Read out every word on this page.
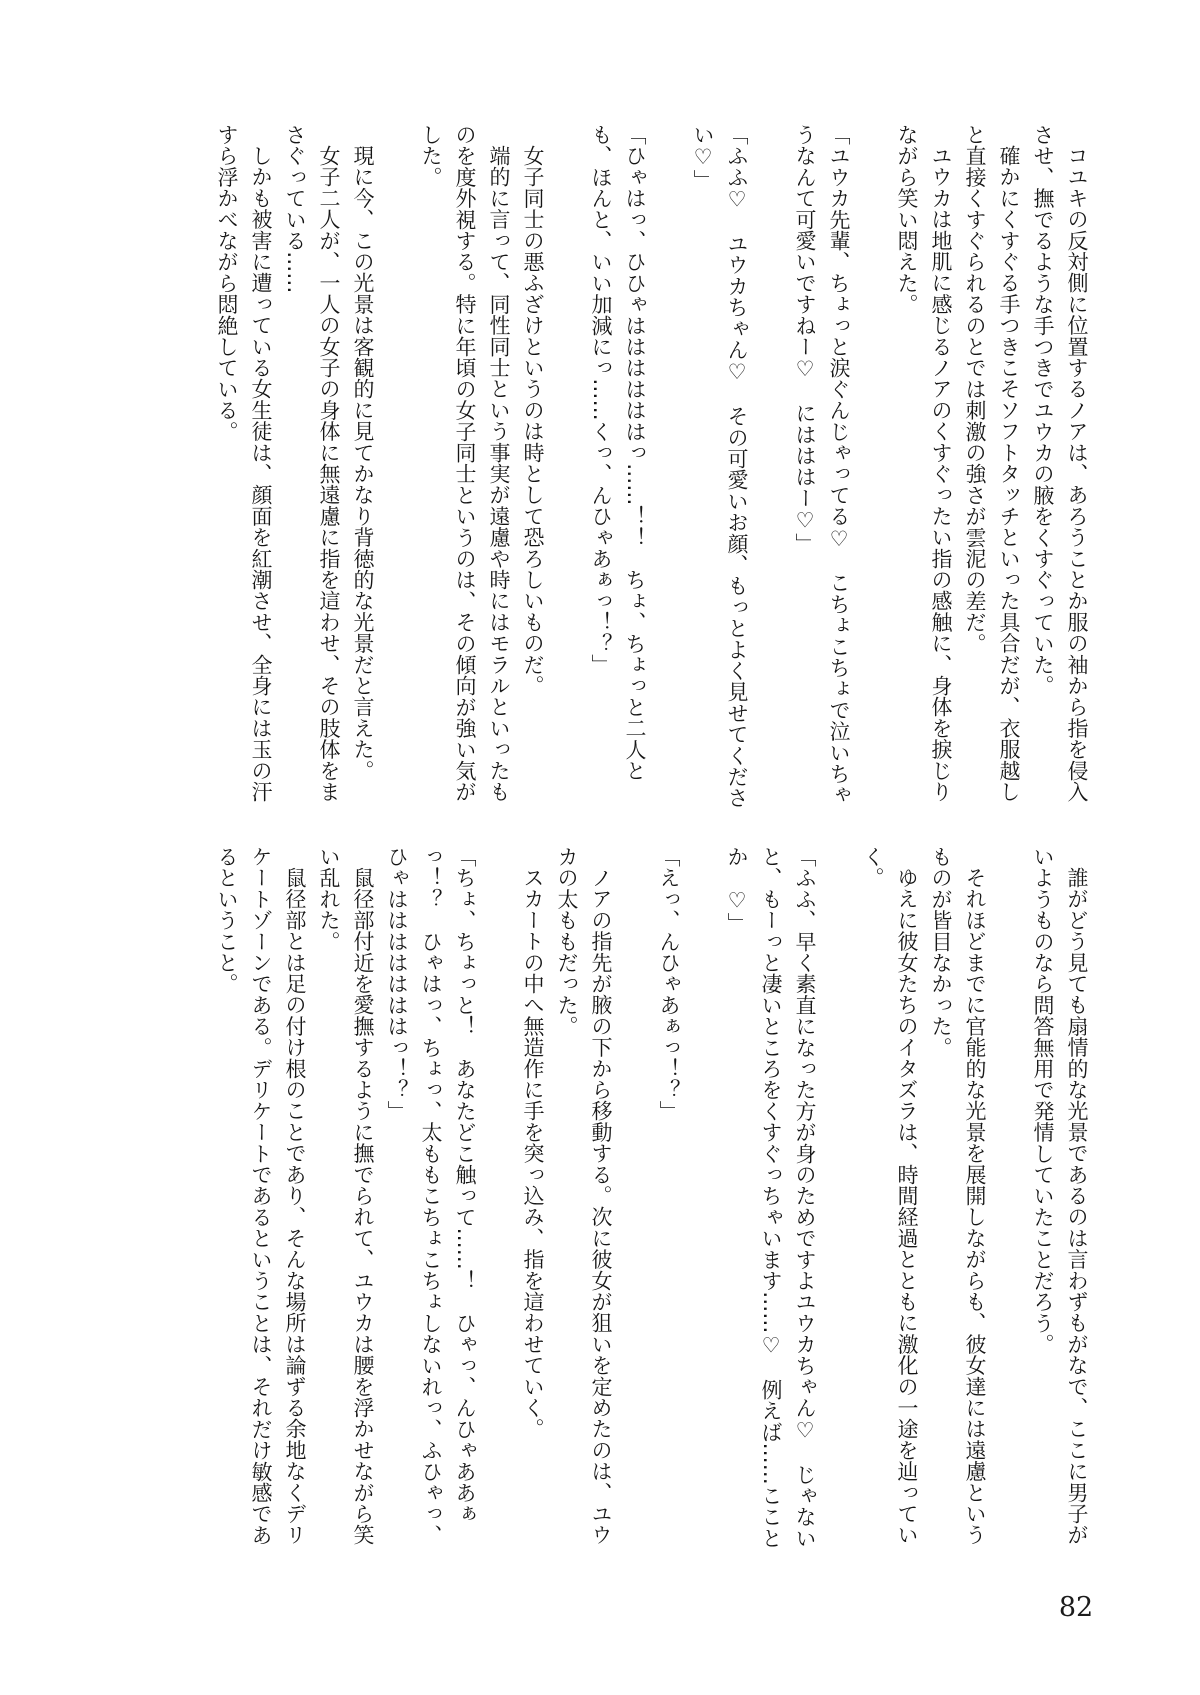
コユキの反対側に位置するノアは、あろうことか服の袖から指を侵入させ、撫でるような手つきでユウカの腋をくすぐっていた。

確かにくすぐる手つきこそソフトタッチといった具合だが、衣服越しと直接くすぐられるのとでは刺激の強さが雲泥の差だ。

ユウカは地肌に感じるノアのくすぐったい指の感触に、身体を捩じりながら笑い悶えた。

「ユウカ先輩、ちょっと涙ぐんじゃってる♡　こちょこちょで泣いちゃうなんて可愛いですねー♡　にはははー♡」

「ふふ♡　ユウカちゃん♡　その可愛いお顔、もっとよく見せてください♡」

「ひゃはっ、ひひゃははははははっ……！！　ちょ、ちょっと二人とも、ほんと、いい加減にっ……くっ、んひゃあぁっ！？」

女子同士の悪ふざけというのは時として恐ろしいものだ。

端的に言って、同性同士という事実が遠慮や時にはモラルといったものを度外視する。特に年頃の女子同士というのは、その傾向が強い気がした。

現に今、この光景は客観的に見てかなり背徳的な光景だと言えた。

女子二人が、一人の女子の身体に無遠慮に指を這わせ、その肢体をまさぐっている……

しかも被害に遭っている女生徒は、顔面を紅潮させ、全身には玉の汗すら浮かべながら悶絶している。

誰がどう見ても扇情的な光景であるのは言わずもがなで、ここに男子がいようものなら問答無用で発情していたことだろう。

それほどまでに官能的な光景を展開しながらも、彼女達には遠慮というものが皆目なかった。

ゆえに彼女たちのイタズラは、時間経過とともに激化の一途を辿っていく。

「ふふ、早く素直になった方が身のためですよユウカちゃん♡　じゃないと、もーっと凄いところをくすぐっちゃいます……♡　例えば……こことか　♡」

「えっ、んひゃあぁっ！？」

ノアの指先が腋の下から移動する。次に彼女が狙いを定めたのは、ユウカの太ももだった。

スカートの中へ無造作に手を突っ込み、指を這わせていく。

「ちょ、ちょっと！　あなたどこ触って……！　ひゃっ、んひゃああぁっ！？　ひゃはっ、ちょっ、太ももこちょこちょしないれっ、ふひゃっ、ひゃはははははははっ！？」

鼠径部付近を愛撫するように撫でられて、ユウカは腰を浮かせながら笑い乱れた。

鼠径部とは足の付け根のことであり、そんな場所は論ずる余地なくデリケートゾーンである。デリケートであるということは、それだけ敏感であるということ。

82
